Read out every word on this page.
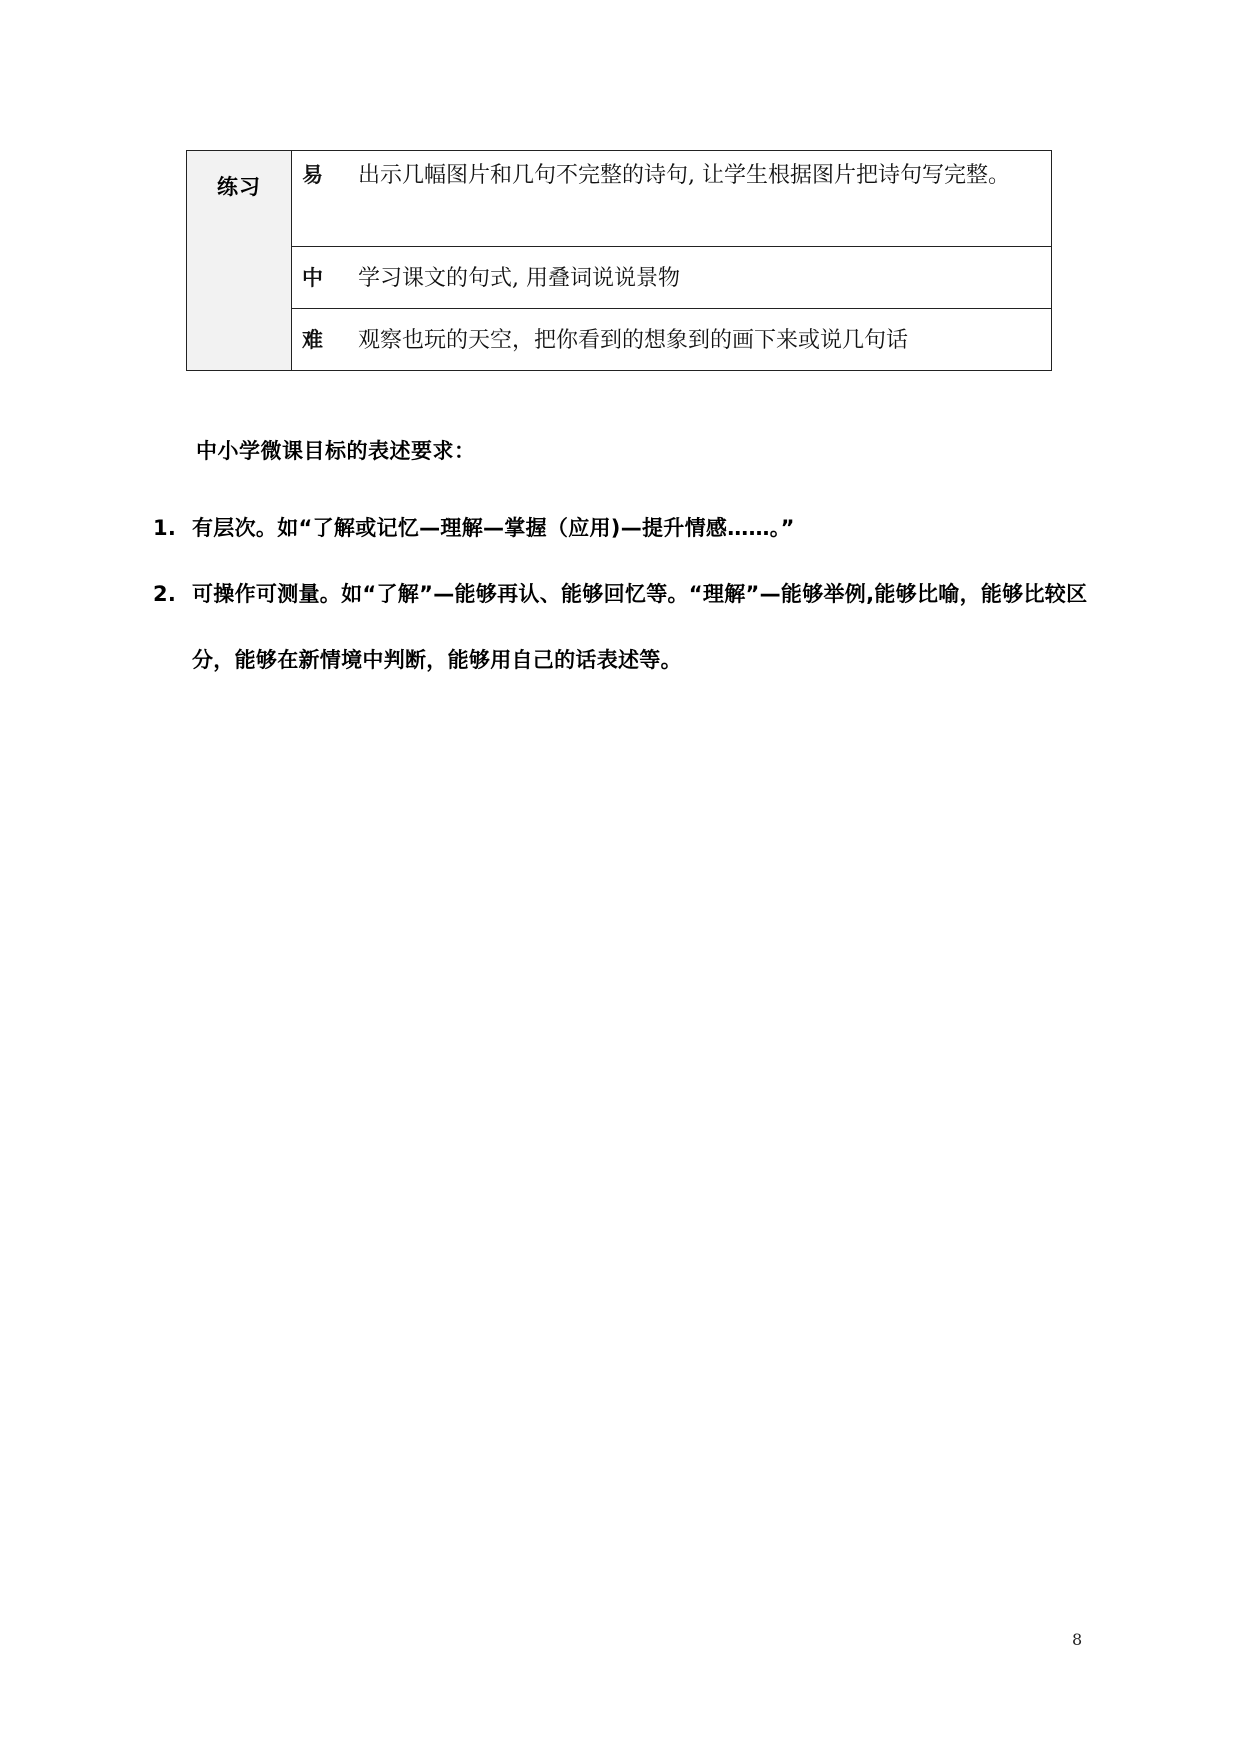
练习	易 出示几幅图片和几句不完整的诗句, 让学生根据图片把诗句写完整。
中 学习课文的句式, 用叠词说说景物
难 观察也玩的天空，把你看到的想象到的画下来或说几句话
中小学微课目标的表述要求：
1. 有层次。如“了解或记忆—理解—掌握（应用)—提升情感……。”
2. 可操作可测量。如“了解”—能够再认、能够回忆等。“理解”—能够举例,能够比喻，能够比较区分，能够在新情境中判断，能够用自己的话表述等。
8
